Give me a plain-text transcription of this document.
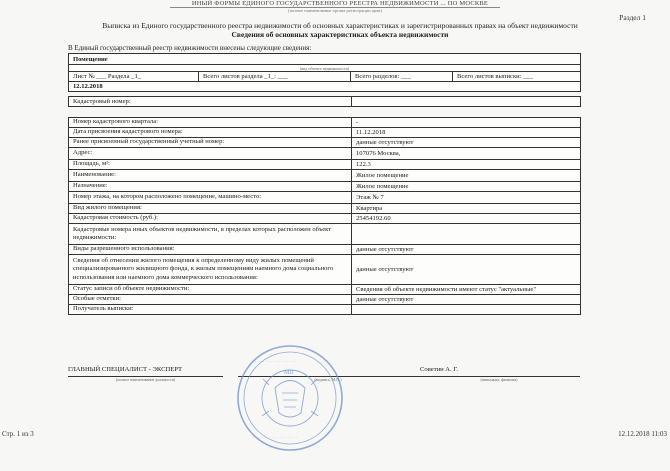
ИНЫЙ ФОРМЫ ЕДИНОГО ГОСУДАРСТВЕННОГО РЕЕСТРА НЕДВИЖИМОСТИ ... ПО МОСКВЕ
(полное наименование органа регистрации прав)
Раздел 1
Выписка из Единого государственного реестра недвижимости об основных характеристиках и зарегистрированных правах на объект недвижимости
Сведения об основных характеристиках объекта недвижимости
В Единый государственный реестр недвижимости внесены следующие сведения:
Помещение
(вид объекта недвижимости)
Лист № ___ Раздела _1_	Всего листов раздела _1_: ___	Всего разделов: ___	Всего листов выписки: ___
12.12.2018
Кадастровый номер:	
Номер кадастрового квартала:	-
Дата присвоения кадастрового номера:	11.12.2018
Ранее присвоенный государственный учетный номер:	данные отсутствуют
Адрес:	107076 Москва,
Площадь, м²:	122.3
Наименование:	Жилое помещение
Назначение:	Жилое помещение
Номер этажа, на котором расположено помещение, машино-место:	Этаж № 7
Вид жилого помещения:	Квартира
Кадастровая стоимость (руб.):	25454192.60
Кадастровые номера иных объектов недвижимости, в пределах которых расположен объект недвижимости:	
Виды разрешенного использования:	данные отсутствуют
Сведения об отнесении жилого помещения к определенному виду жилых помещений специализированного жилищного фонда, к жилым помещениям наемного дома социального использования или наемного дома коммерческого использования:	данные отсутствуют
Статус записи об объекте недвижимости:	Сведения об объекте недвижимости имеют статус "актуальные"
Особые отметки:	данные отсутствуют
Получатель выписки:	
ГЛАВНЫЙ СПЕЦИАЛИСТ - ЭКСПЕРТ
(полное наименование должности)	(подпись, М.П.)
Советин А. Г.
(инициалы, фамилия)
· · · · · · · · · · · · · · · · ·
· · · · · · · · · · · · · · · · ·
МП
Стр. 1 из 3	12.12.2018 11:03
